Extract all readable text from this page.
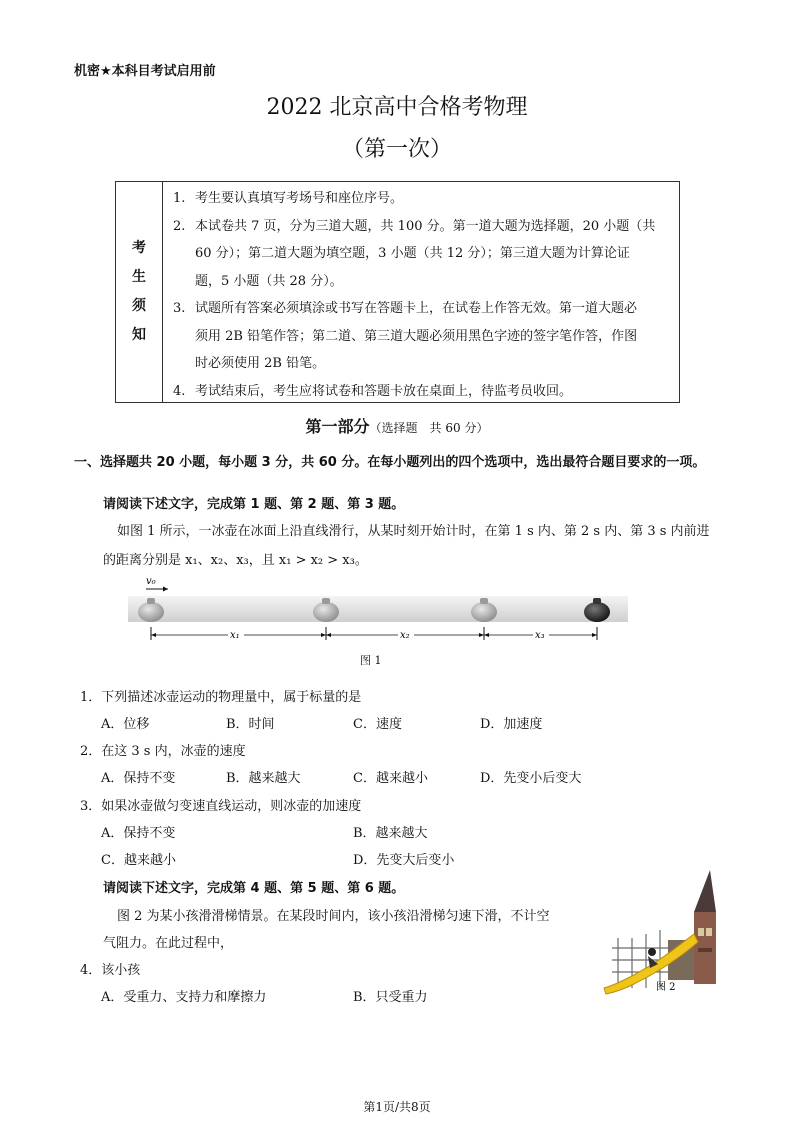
机密★本科目考试启用前
2022 北京高中合格考物理
（第一次）
考
生
须
知
1. 考生要认真填写考场号和座位序号。
2. 本试卷共 7 页，分为三道大题，共 100 分。第一道大题为选择题，20 小题（共
60 分）；第二道大题为填空题，3 小题（共 12 分）；第三道大题为计算论证
题，5 小题（共 28 分）。
3. 试题所有答案必须填涂或书写在答题卡上，在试卷上作答无效。第一道大题必
须用 2B 铅笔作答；第二道、第三道大题必须用黑色字迹的签字笔作答，作图
时必须使用 2B 铅笔。
4. 考试结束后，考生应将试卷和答题卡放在桌面上，待监考员收回。
第一部分（选择题　共 60 分）
一、选择题共 20 小题，每小题 3 分，共 60 分。在每小题列出的四个选项中，选出最符合题目要求的一项。
请阅读下述文字，完成第 1 题、第 2 题、第 3 题。
如图 1 所示，一冰壶在冰面上沿直线滑行，从某时刻开始计时，在第 1 s 内、第 2 s 内、第 3 s 内前进
的距离分别是 x₁、x₂、x₃，且 x₁ > x₂ > x₃。
v₀
x₁	x₂	x₃
图 1
1．下列描述冰壶运动的物理量中，属于标量的是
A．位移	B．时间	C．速度	D．加速度
2．在这 3 s 内，冰壶的速度
A．保持不变	B．越来越大	C．越来越小	D．先变小后变大
3．如果冰壶做匀变速直线运动，则冰壶的加速度
A．保持不变	B．越来越大
C．越来越小	D．先变大后变小
请阅读下述文字，完成第 4 题、第 5 题、第 6 题。
图 2 为某小孩滑滑梯情景。在某段时间内，该小孩沿滑梯匀速下滑，不计空
气阻力。在此过程中，
4．该小孩
A．受重力、支持力和摩擦力	B．只受重力
图 2
第1页/共8页
